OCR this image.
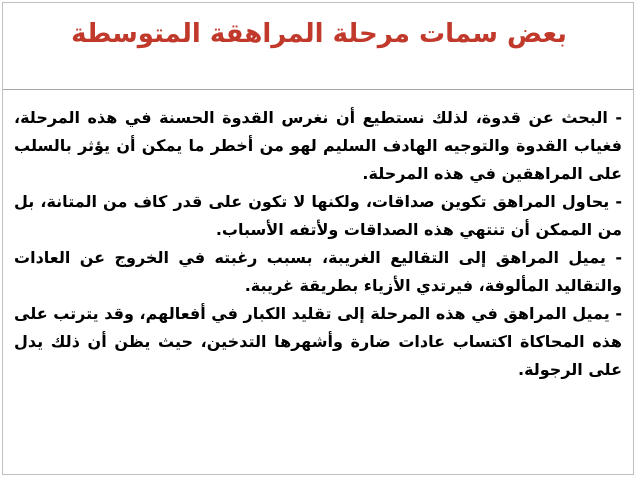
بعض سمات مرحلة المراهقة المتوسطة

- البحث عن قدوة، لذلك نستطيع أن نغرس القدوة الحسنة في هذه المرحلة، فغياب القدوة والتوجيه الهادف السليم لهو من أخطر ما يمكن أن يؤثر بالسلب على المراهقين في هذه المرحلة.

- يحاول المراهق تكوين صداقات، ولكنها لا تكون على قدر كاف من المتانة، بل من الممكن أن تنتهي هذه الصداقات ولأتفه الأسباب.

- يميل المراهق إلى التقاليع الغريبة، بسبب رغبته في الخروج عن العادات والتقاليد المألوفة، فيرتدي الأزياء بطريقة غريبة.

- يميل المراهق في هذه المرحلة إلى تقليد الكبار في أفعالهم، وقد يترتب على هذه المحاكاة اكتساب عادات ضارة وأشهرها التدخين، حيث يظن أن ذلك يدل على الرجولة.
